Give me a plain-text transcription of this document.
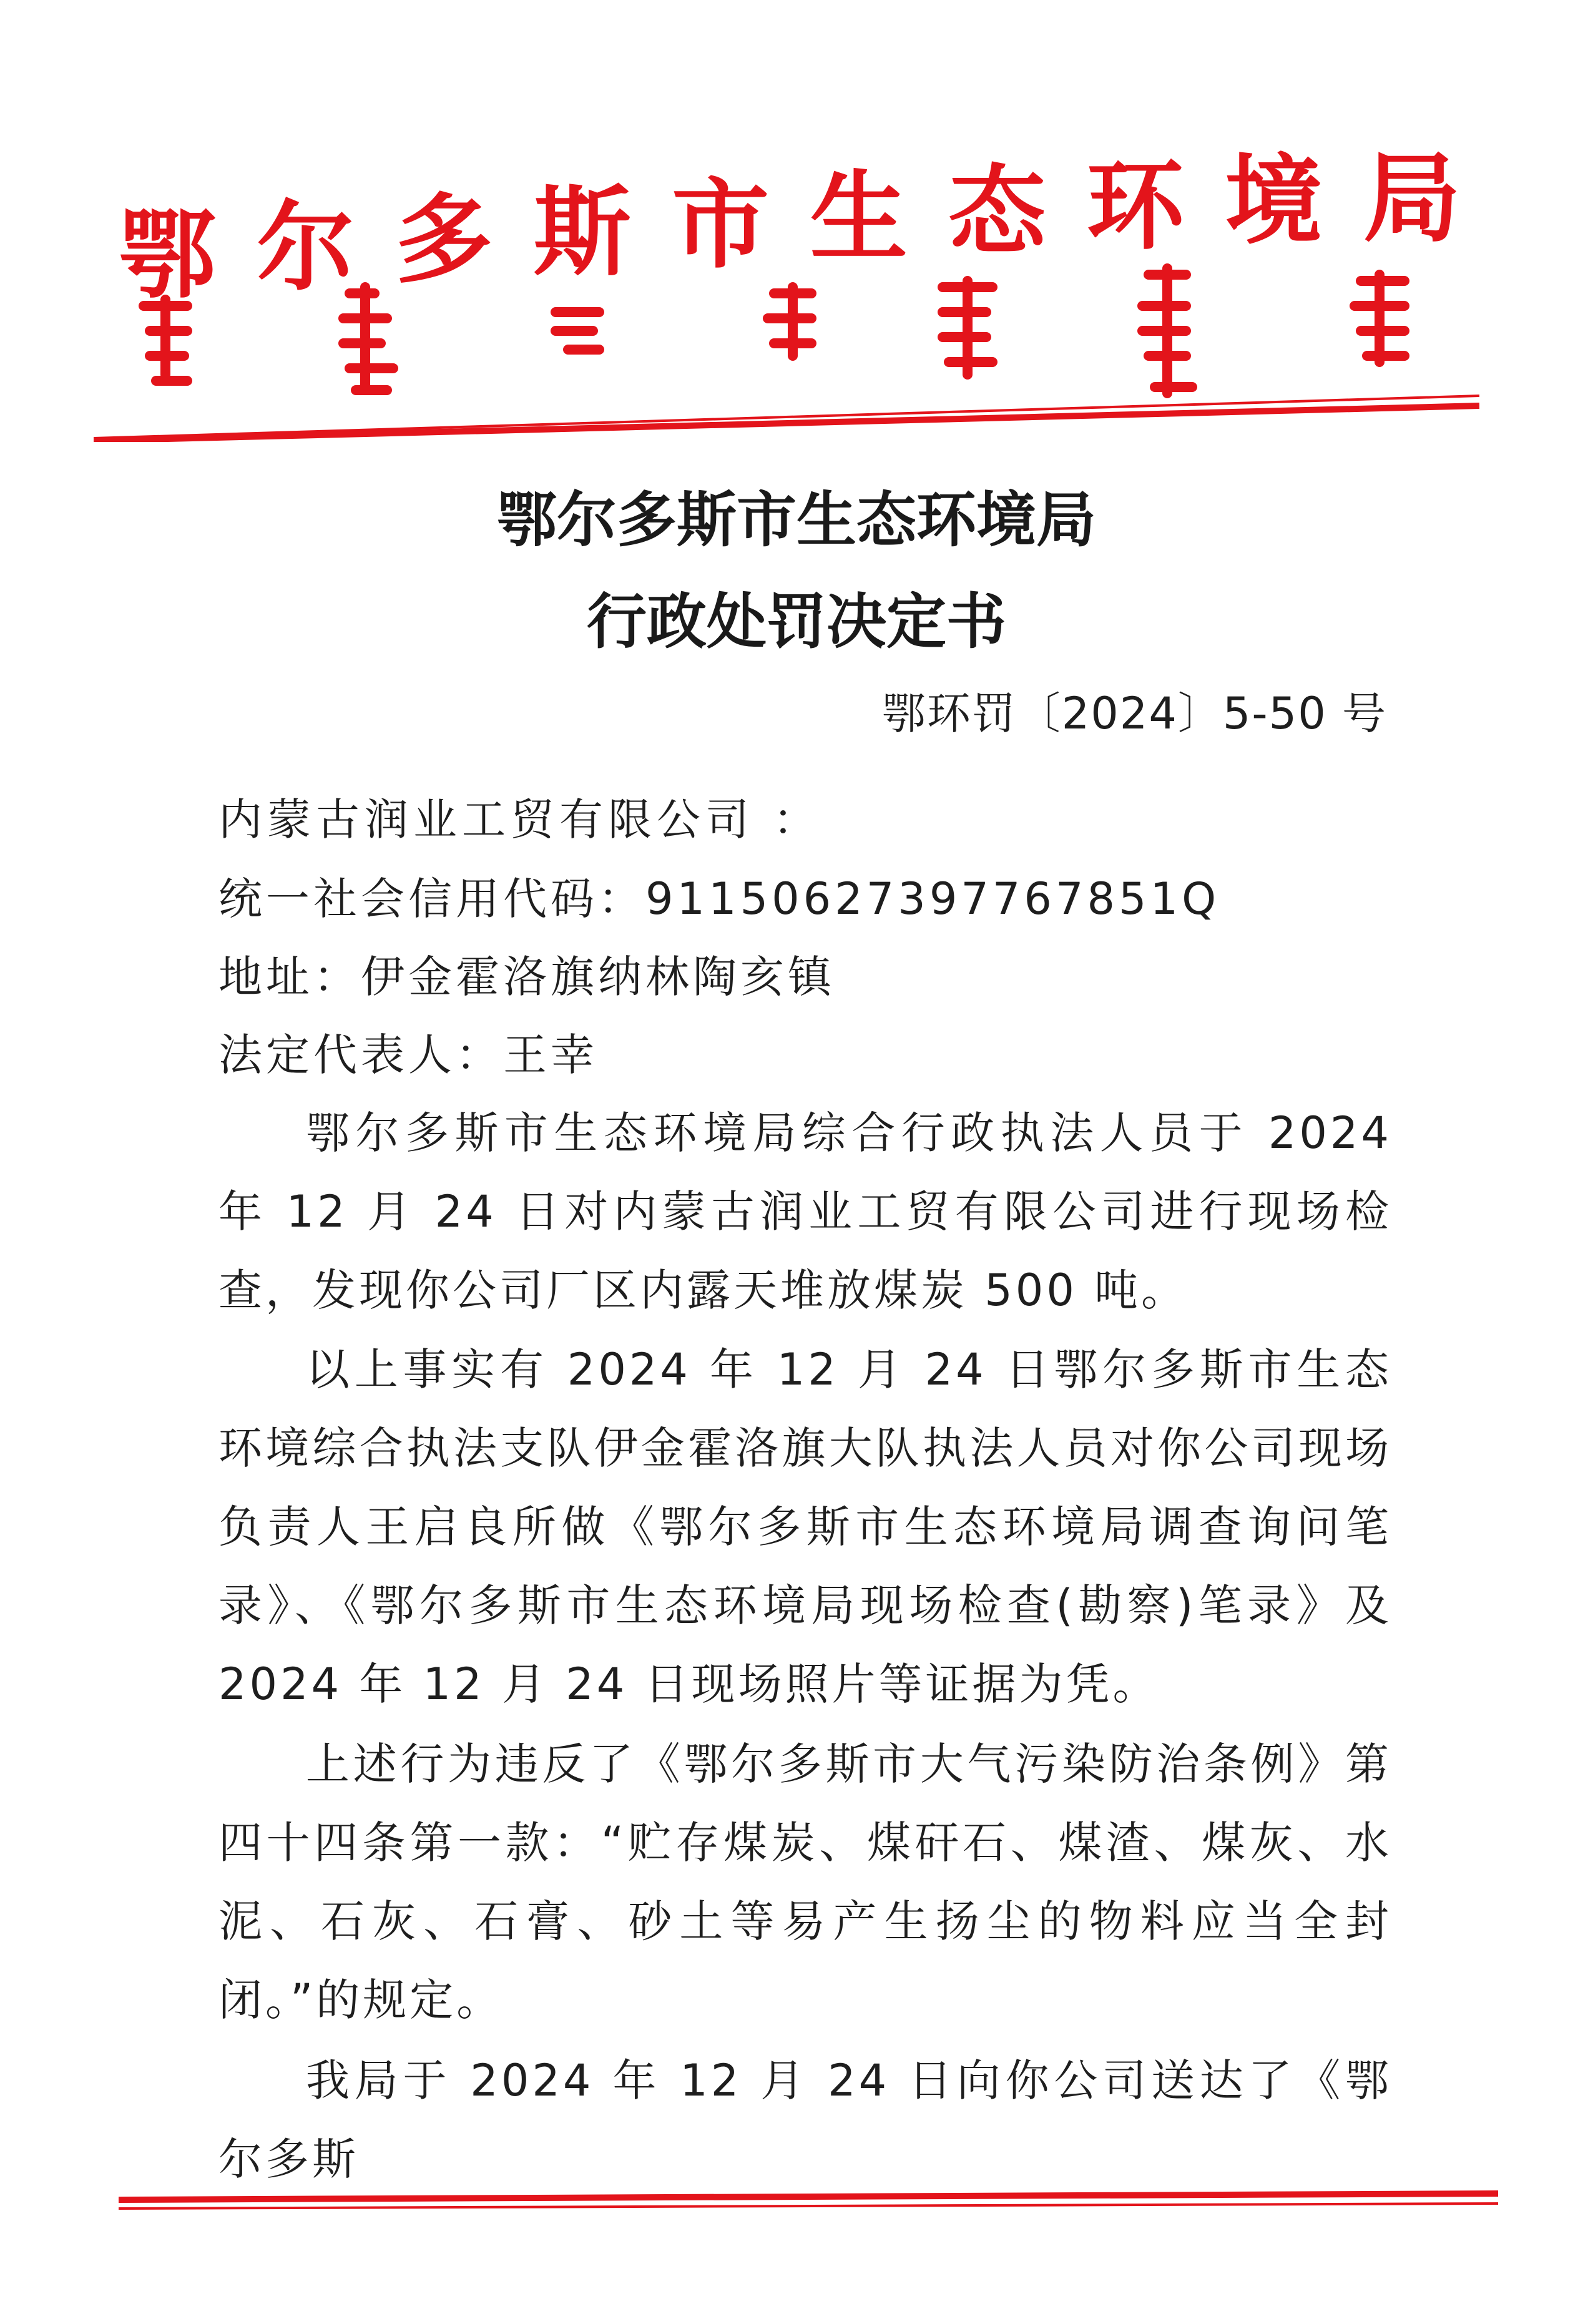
鄂 尔 多 斯 市 生 态 环 境 局
鄂尔多斯市生态环境局
行政处罚决定书
鄂环罚〔2024〕5-50 号
内蒙古润业工贸有限公司 ：
统一社会信用代码：91150627397767851Q
地址：伊金霍洛旗纳林陶亥镇
法定代表人：王幸
鄂尔多斯市生态环境局综合行政执法人员于 2024 年 12 月 24 日对内蒙古润业工贸有限公司进行现场检查，发现你公司厂区内露天堆放煤炭 500 吨。
以上事实有 2024 年 12 月 24 日鄂尔多斯市生态环境综合执法支队伊金霍洛旗大队执法人员对你公司现场负责人王启良所做《鄂尔多斯市生态环境局调查询问笔录》、《鄂尔多斯市生态环境局现场检查(勘察)笔录》及 2024 年 12 月 24 日现场照片等证据为凭。
上述行为违反了《鄂尔多斯市大气污染防治条例》第四十四条第一款：“贮存煤炭、煤矸石、煤渣、煤灰、水泥、石灰、石膏、砂土等易产生扬尘的物料应当全封闭。”的规定。
我局于 2024 年 12 月 24 日向你公司送达了《鄂尔多斯
